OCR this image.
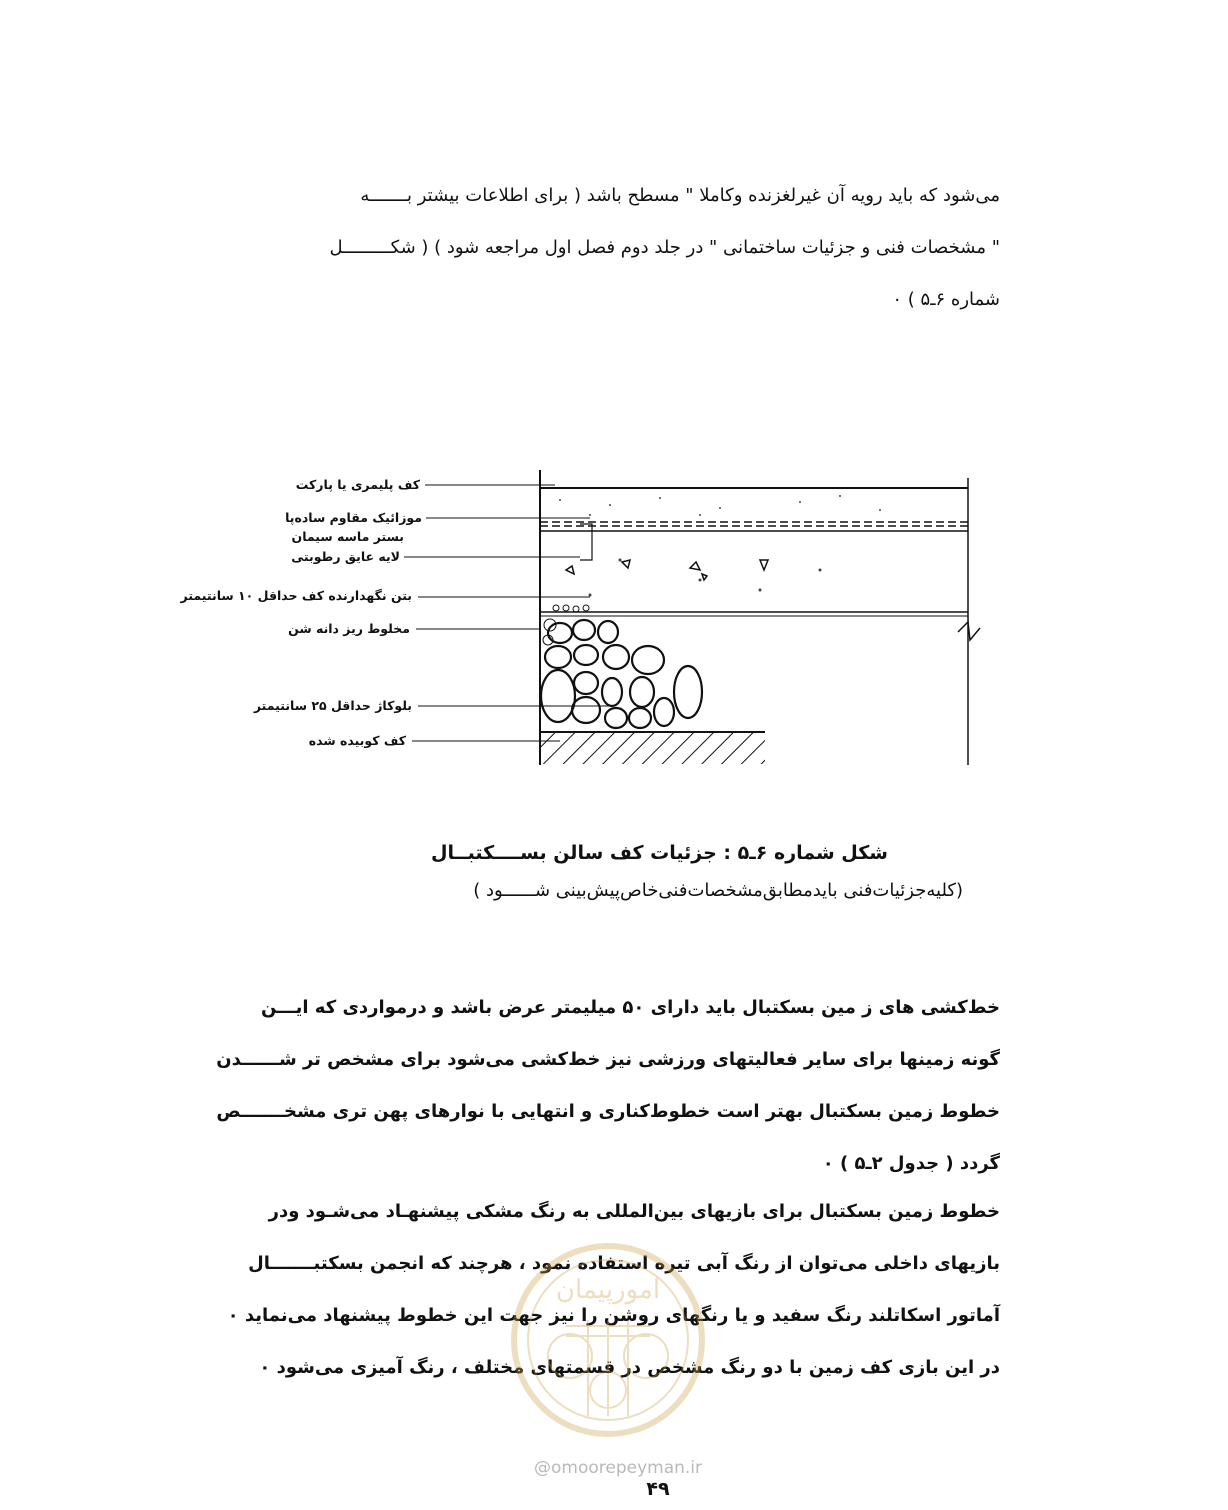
می‌شود که باید رویه آن غیرلغزنده وکاملا " مسطح باشد ( برای اطلاعات بیشتر بـــــــه
" مشخصات فنی و جزئیات ساختمانی " در جلد دوم فصل اول مراجعه شود ) ( شکـــــــــل
شماره ۶ـ۵ ) ۰
کف پلیمری یا پارکت
موزائیک مقاوم ساده‌پا
بستر ماسه سیمان
لایه عایق رطوبتی
بتن نگهدارنده کف حداقل ۱۰ سانتیمتر
مخلوط ریز دانه شن
بلوکاژ حداقل ۲۵ سانتیمتر
کف کوبیده شده
شکل شماره ۶ـ۵ : جزئیات کف سالن بســــکتبــال
(کلیه‌جزئیات‌فنی بایدمطابق‌مشخصات‌فنی‌خاص‌پیش‌بینی شــــــود )
خط‌کشی های ز مین بسکتبال باید دارای ۵۰ میلیمتر عرض باشد و درمواردی که ایـــن
گونه زمینها برای سایر فعالیتهای ورزشی نیز خط‌کشی می‌شود برای مشخص تر شــــــدن
خطوط زمین بسکتبال بهتر است خطوط‌کناری و انتهایی با نوارهای پهن تری مشخـــــــص
گردد ( جدول ۲ـ۵ ) ۰
خطوط زمین بسکتبال برای بازیهای بین‌المللی به رنگ مشکی پیشنهـاد می‌شـود ودر
بازیهای داخلی می‌توان از رنگ آبی تیره استفاده نمود ، هرچند که انجمن بسکتبـــــــال
آماتور اسکاتلند رنگ سفید و یا رنگهای روشن را نیز جهت این خطوط پیشنهاد می‌نماید ۰
در این بازی کف زمین با دو رنگ مشخص در قسمتهای مختلف ، رنگ آمیزی می‌شود ۰
امورپیمان
@omoorepeyman.ir
۴۹
